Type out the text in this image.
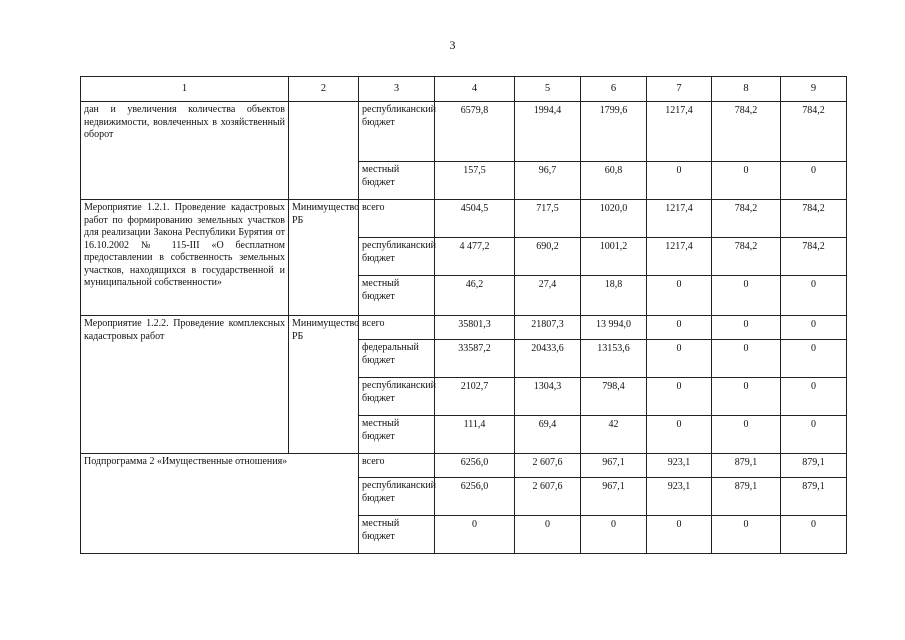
3
1	2	3	4	5	6	7	8	9
дан и увеличения количества объектов недвижимости, вовлеченных в хозяйственный оборот		республиканский бюджет	6579,8	1994,4	1799,6	1217,4	784,2	784,2
		местный бюджет	157,5	96,7	60,8	0	0	0
Мероприятие 1.2.1. Проведение кадастровых работ по формированию земельных участков для реализации Закона Республики Бурятия от 16.10.2002 № 115-III «О бесплатном предоставлении в собственность земельных участков, находящихся в государственной и муниципальной собственности»	Минимущество РБ	всего	4504,5	717,5	1020,0	1217,4	784,2	784,2
		республиканский бюджет	4 477,2	690,2	1001,2	1217,4	784,2	784,2
		местный бюджет	46,2	27,4	18,8	0	0	0
Мероприятие 1.2.2. Проведение комплексных кадастровых работ	Минимущество РБ	всего	35801,3	21807,3	13 994,0	0	0	0
		федеральный бюджет	33587,2	20433,6	13153,6	0	0	0
		республиканский бюджет	2102,7	1304,3	798,4	0	0	0
		местный бюджет	111,4	69,4	42	0	0	0
Подпрограмма 2 «Имущественные отношения»		всего	6256,0	2 607,6	967,1	923,1	879,1	879,1
		республиканский бюджет	6256,0	2 607,6	967,1	923,1	879,1	879,1
		местный бюджет	0	0	0	0	0	0
